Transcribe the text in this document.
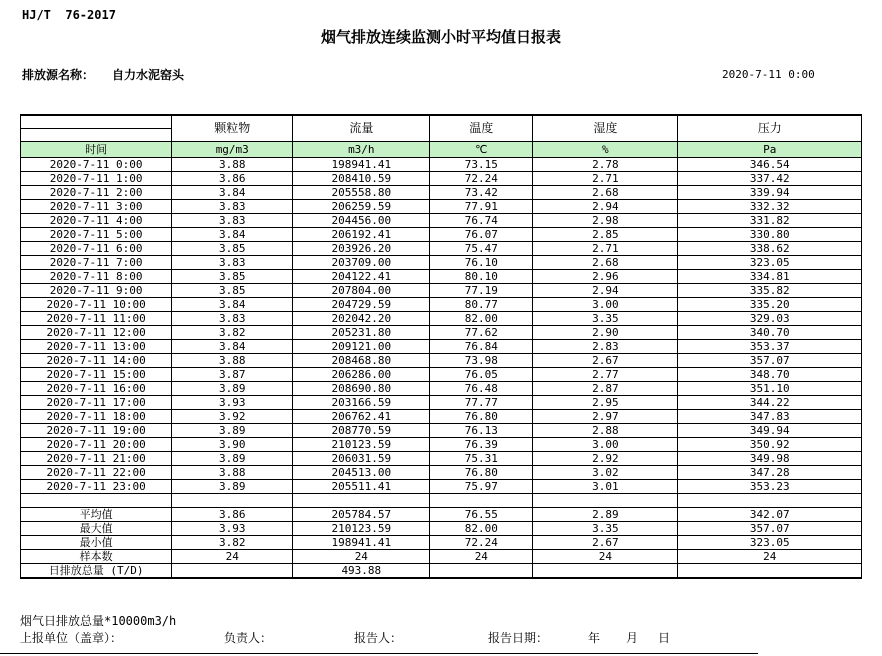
HJ/T  76-2017
烟气排放连续监测小时平均值日报表
排放源名称： 自力水泥窑头	2020-7-11 0:00
	颗粒物	流量	温度	湿度	压力

时间	mg/m3	m3/h	℃	%	Pa
2020-7-11 0:00	3.88	198941.41	73.15	2.78	346.54
2020-7-11 1:00	3.86	208410.59	72.24	2.71	337.42
2020-7-11 2:00	3.84	205558.80	73.42	2.68	339.94
2020-7-11 3:00	3.83	206259.59	77.91	2.94	332.32
2020-7-11 4:00	3.83	204456.00	76.74	2.98	331.82
2020-7-11 5:00	3.84	206192.41	76.07	2.85	330.80
2020-7-11 6:00	3.85	203926.20	75.47	2.71	338.62
2020-7-11 7:00	3.83	203709.00	76.10	2.68	323.05
2020-7-11 8:00	3.85	204122.41	80.10	2.96	334.81
2020-7-11 9:00	3.85	207804.00	77.19	2.94	335.82
2020-7-11 10:00	3.84	204729.59	80.77	3.00	335.20
2020-7-11 11:00	3.83	202042.20	82.00	3.35	329.03
2020-7-11 12:00	3.82	205231.80	77.62	2.90	340.70
2020-7-11 13:00	3.84	209121.00	76.84	2.83	353.37
2020-7-11 14:00	3.88	208468.80	73.98	2.67	357.07
2020-7-11 15:00	3.87	206286.00	76.05	2.77	348.70
2020-7-11 16:00	3.89	208690.80	76.48	2.87	351.10
2020-7-11 17:00	3.93	203166.59	77.77	2.95	344.22
2020-7-11 18:00	3.92	206762.41	76.80	2.97	347.83
2020-7-11 19:00	3.89	208770.59	76.13	2.88	349.94
2020-7-11 20:00	3.90	210123.59	76.39	3.00	350.92
2020-7-11 21:00	3.89	206031.59	75.31	2.92	349.98
2020-7-11 22:00	3.88	204513.00	76.80	3.02	347.28
2020-7-11 23:00	3.89	205511.41	75.97	3.01	353.23

平均值	3.86	205784.57	76.55	2.89	342.07
最大值	3.93	210123.59	82.00	3.35	357.07
最小值	3.82	198941.41	72.24	2.67	323.05
样本数	24	24	24	24	24
日排放总量 (T/D)		493.88			
烟气日排放总量*10000m3/h
上报单位（盖章）：	负责人：	报告人：	报告日期：	年 月 日
